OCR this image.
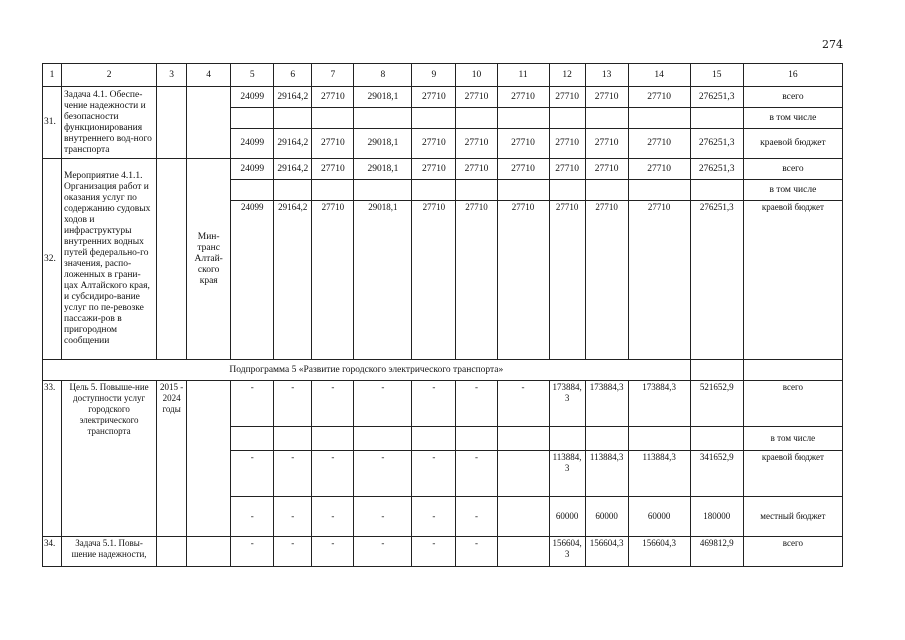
274
1	2	3	4	5	6	7	8	9	10	11	12	13	14	15	16
31.	Задача 4.1. Обеспе-чение надежности и безопасности функционирования внутреннего вод-ного транспорта			24099	29164,2	27710	29018,1	27710	27710	27710	27710	27710	27710	276251,3	всего
															в том числе
				24099	29164,2	27710	29018,1	27710	27710	27710	27710	27710	27710	276251,3	краевой бюджет
32.	Мероприятие 4.1.1. Организация работ и оказания услуг по содержанию судовых ходов и инфраструктуры внутренних водных путей федерально-го значения, распо-ложенных в грани-цах Алтайского края, и субсидиро-вание услуг по пе-ревозке пассажи-ров в пригородном сообщении		Мин-транс Алтай-ского края	24099	29164,2	27710	29018,1	27710	27710	27710	27710	27710	27710	276251,3	всего
															в том числе
				24099	29164,2	27710	29018,1	27710	27710	27710	27710	27710	27710	276251,3	краевой бюджет
Подпрограмма 5 «Развитие городского электрического транспорта»															
33.	Цель 5. Повыше-ние доступности услуг городского электрического транспорта	2015 - 2024 годы		-	-	-	-	-	-	-	173884,3	173884,3	173884,3	521652,9	всего
															в том числе
				-	-	-	-	-	-		113884,3	113884,3	113884,3	341652,9	краевой бюджет
				-	-	-	-	-	-		60000	60000	60000	180000	местный бюджет
34.	Задача 5.1. Повы-шение надежности,			-	-	-	-	-	-		156604,3	156604,3	156604,3	469812,9	всего
